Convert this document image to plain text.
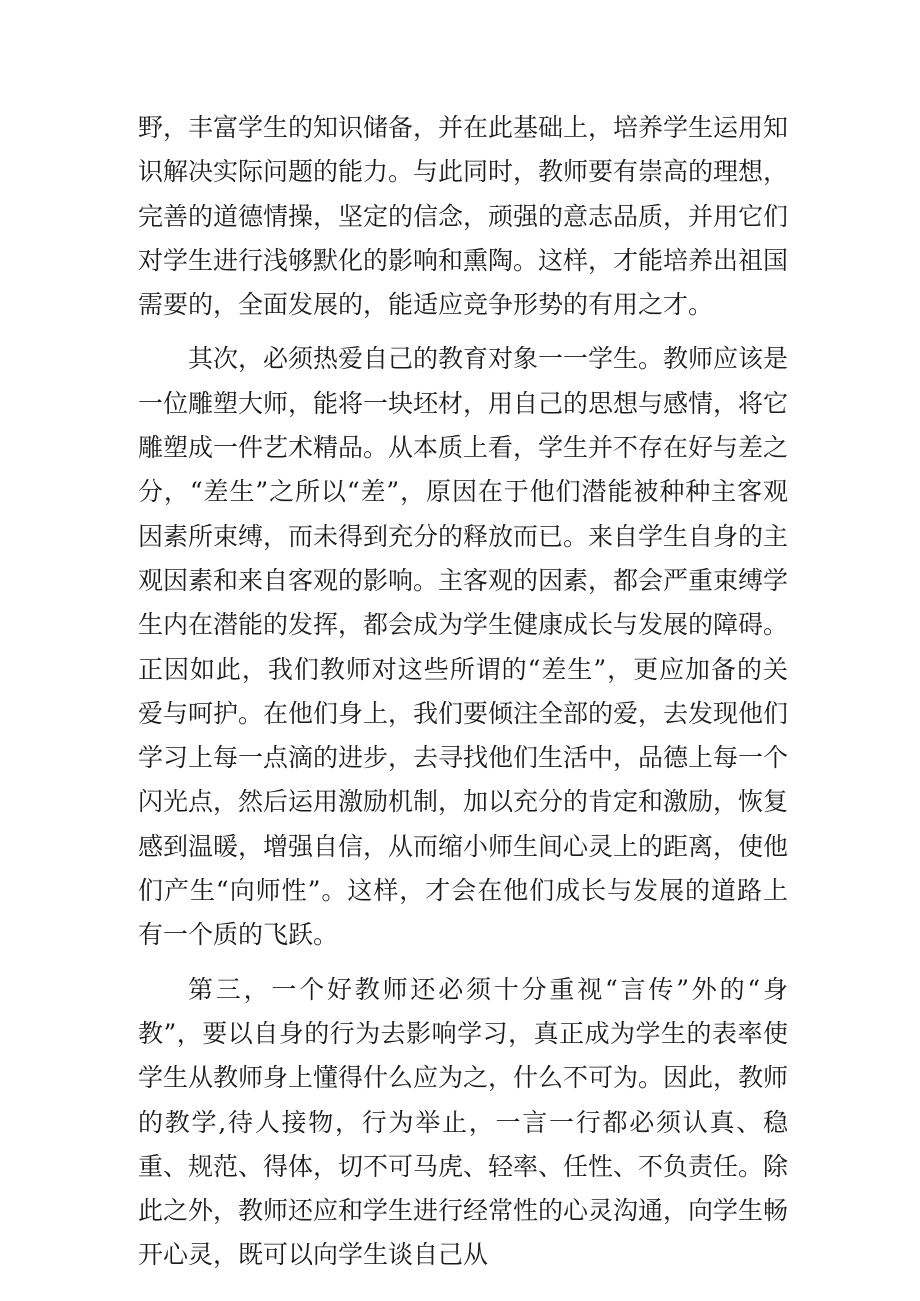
野，丰富学生的知识储备，并在此基础上，培养学生运用知识解决实际问题的能力。与此同时，教师要有崇高的理想，完善的道德情操，坚定的信念，顽强的意志品质，并用它们对学生进行浅够默化的影响和熏陶。这样，才能培养出祖国需要的，全面发展的，能适应竞争形势的有用之才。

其次，必须热爱自己的教育对象一一学生。教师应该是一位雕塑大师，能将一块坯材，用自己的思想与感情，将它雕塑成一件艺术精品。从本质上看，学生并不存在好与差之分，“差生”之所以“差”，原因在于他们潜能被种种主客观因素所束缚，而未得到充分的释放而已。来自学生自身的主观因素和来自客观的影响。主客观的因素，都会严重束缚学生内在潜能的发挥，都会成为学生健康成长与发展的障碍。正因如此，我们教师对这些所谓的“差生”，更应加备的关爱与呵护。在他们身上，我们要倾注全部的爱，去发现他们学习上每一点滴的进步，去寻找他们生活中，品德上每一个闪光点，然后运用激励机制，加以充分的肯定和激励，恢复感到温暖，增强自信，从而缩小师生间心灵上的距离，使他们产生“向师性”。这样，才会在他们成长与发展的道路上有一个质的飞跃。

第三，一个好教师还必须十分重视“言传”外的“身教”，要以自身的行为去影响学习，真正成为学生的表率使学生从教师身上懂得什么应为之，什么不可为。因此，教师的教学,待人接物，行为举止，一言一行都必须认真、稳重、规范、得体，切不可马虎、轻率、任性、不负责任。除此之外，教师还应和学生进行经常性的心灵沟通，向学生畅开心灵，既可以向学生谈自己从
